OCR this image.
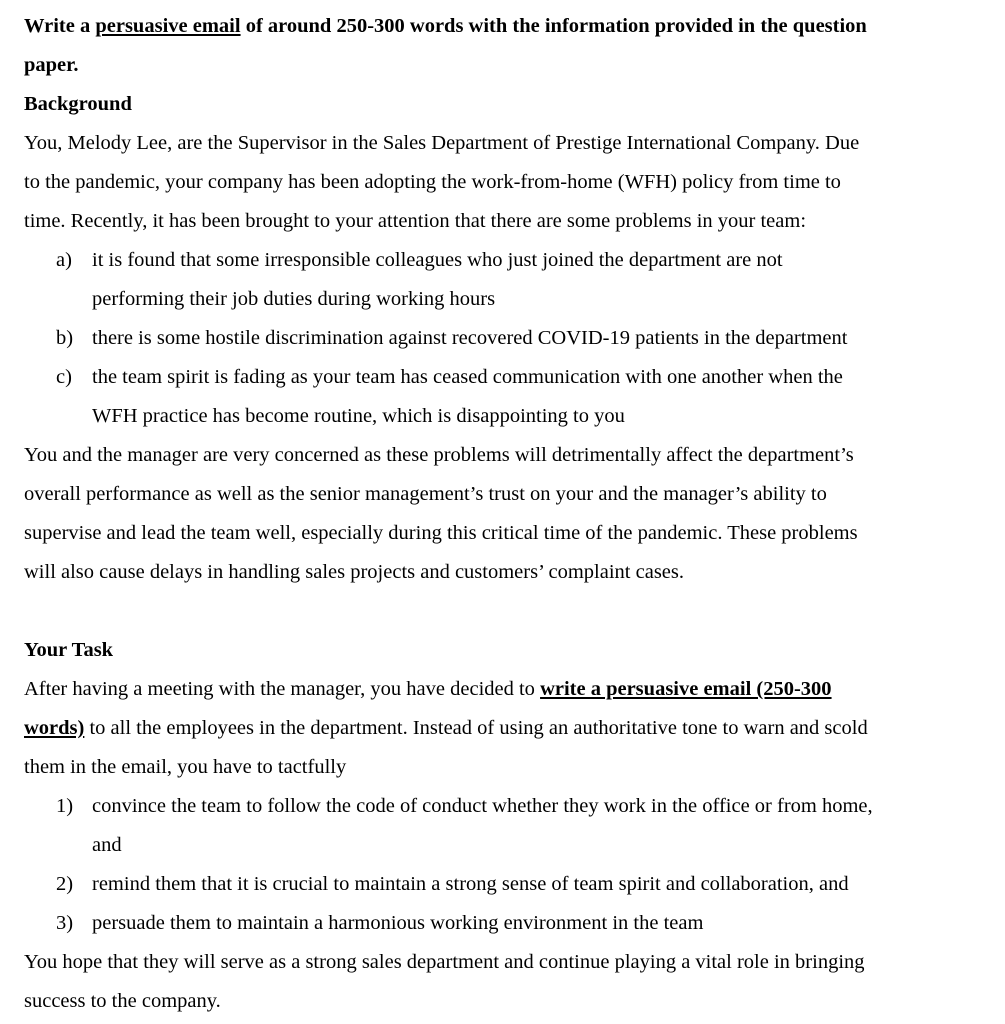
Write a persuasive email of around 250-300 words with the information provided in the question
paper.
Background
You, Melody Lee, are the Supervisor in the Sales Department of Prestige International Company. Due
to the pandemic, your company has been adopting the work-from-home (WFH) policy from time to
time. Recently, it has been brought to your attention that there are some problems in your team:
a) it is found that some irresponsible colleagues who just joined the department are not
performing their job duties during working hours
b) there is some hostile discrimination against recovered COVID-19 patients in the department
c) the team spirit is fading as your team has ceased communication with one another when the
WFH practice has become routine, which is disappointing to you
You and the manager are very concerned as these problems will detrimentally affect the department’s
overall performance as well as the senior management’s trust on your and the manager’s ability to
supervise and lead the team well, especially during this critical time of the pandemic. These problems
will also cause delays in handling sales projects and customers’ complaint cases.
Your Task
After having a meeting with the manager, you have decided to write a persuasive email (250-300
words) to all the employees in the department. Instead of using an authoritative tone to warn and scold
them in the email, you have to tactfully
1) convince the team to follow the code of conduct whether they work in the office or from home,
and
2) remind them that it is crucial to maintain a strong sense of team spirit and collaboration, and
3) persuade them to maintain a harmonious working environment in the team
You hope that they will serve as a strong sales department and continue playing a vital role in bringing
success to the company.
